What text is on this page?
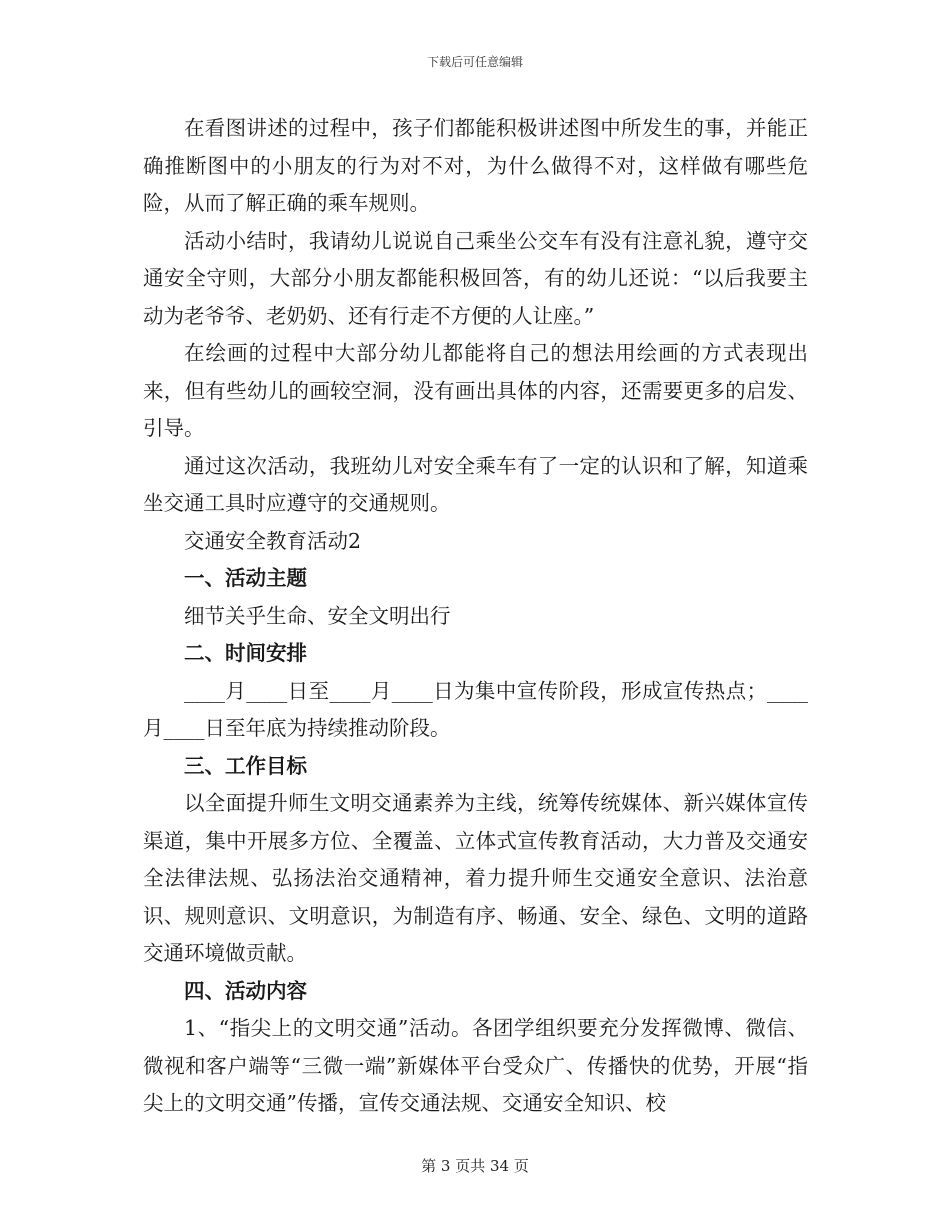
下载后可任意编辑

在看图讲述的过程中，孩子们都能积极讲述图中所发生的事，并能正确推断图中的小朋友的行为对不对，为什么做得不对，这样做有哪些危险，从而了解正确的乘车规则。

活动小结时，我请幼儿说说自己乘坐公交车有没有注意礼貌，遵守交通安全守则，大部分小朋友都能积极回答，有的幼儿还说：“以后我要主动为老爷爷、老奶奶、还有行走不方便的人让座。”

在绘画的过程中大部分幼儿都能将自己的想法用绘画的方式表现出来，但有些幼儿的画较空洞，没有画出具体的内容，还需要更多的启发、引导。

通过这次活动，我班幼儿对安全乘车有了一定的认识和了解，知道乘坐交通工具时应遵守的交通规则。

交通安全教育活动2

一、活动主题

细节关乎生命、安全文明出行

二、时间安排

____月____日至____月____日为集中宣传阶段，形成宣传热点；____月____日至年底为持续推动阶段。

三、工作目标

以全面提升师生文明交通素养为主线，统筹传统媒体、新兴媒体宣传渠道，集中开展多方位、全覆盖、立体式宣传教育活动，大力普及交通安全法律法规、弘扬法治交通精神，着力提升师生交通安全意识、法治意识、规则意识、文明意识，为制造有序、畅通、安全、绿色、文明的道路交通环境做贡献。

四、活动内容

1、“指尖上的文明交通”活动。各团学组织要充分发挥微博、微信、微视和客户端等“三微一端”新媒体平台受众广、传播快的优势，开展“指尖上的文明交通”传播，宣传交通法规、交通安全知识、校

第 3 页共 34 页
